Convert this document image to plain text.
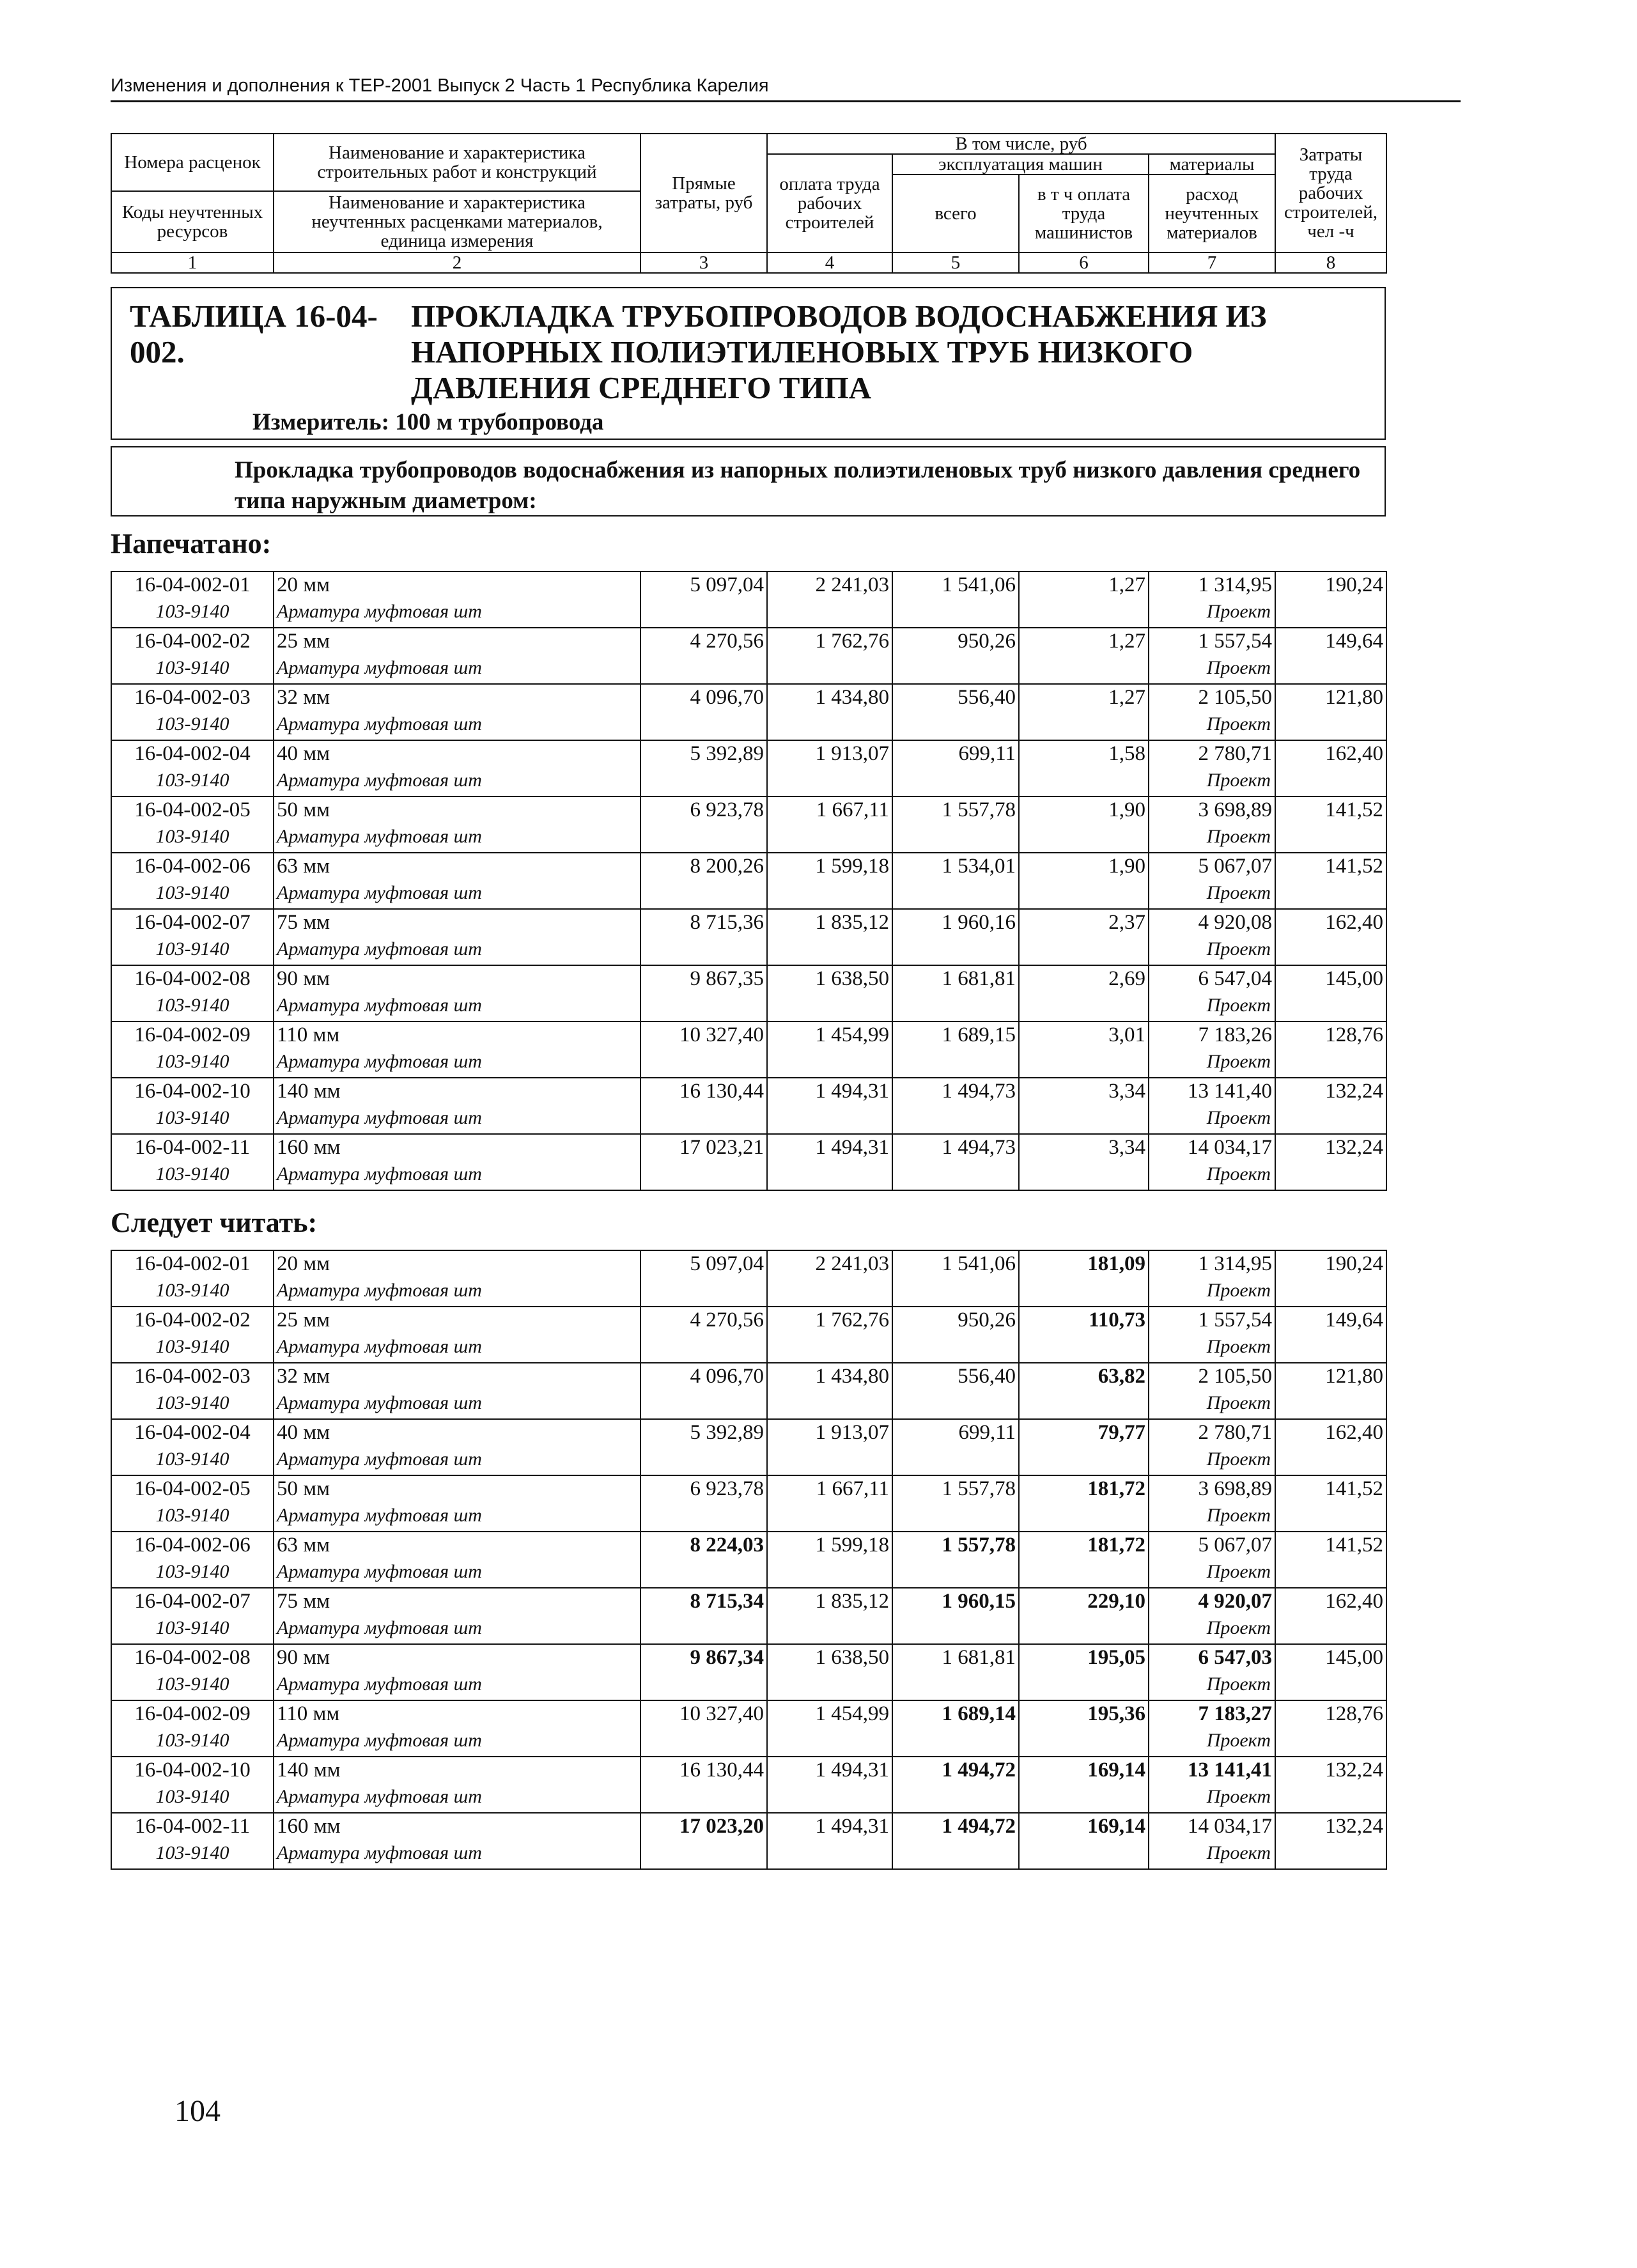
Изменения и дополнения к ТЕР-2001 Выпуск 2 Часть 1 Республика Карелия
Номера расценок	Наименование и характеристика строительных работ и конструкций	Прямые затраты, руб	В том числе, руб				Затраты труда рабочих строителей, чел -ч
			оплата труда рабочих строителей	эксплуатация машин		материалы	
				всего	в т ч оплата труда машинистов	расход неучтенных материалов	
Коды неучтенных ресурсов	Наименование и характеристика неучтенных расценками материалов, единица измерения						

1	2	3	4	5	6	7	8
ТАБЛИЦА 16-04-002.ПРОКЛАДКА ТРУБОПРОВОДОВ ВОДОСНАБЖЕНИЯ ИЗ НАПОРНЫХ ПОЛИЭТИЛЕНОВЫХ ТРУБ НИЗКОГО ДАВЛЕНИЯ СРЕДНЕГО ТИПА
Измеритель: 100 м трубопровода
Прокладка трубопроводов водоснабжения из напорных полиэтиленовых труб низкого давления среднего типа наружным диаметром:
Напечатано:
16-04-002-01	20 мм	5 097,04	2 241,03	1 541,06	1,27	1 314,95	190,24
103-9140	Арматура муфтовая шт					Проект	
16-04-002-02	25 мм	4 270,56	1 762,76	950,26	1,27	1 557,54	149,64
103-9140	Арматура муфтовая шт					Проект	
16-04-002-03	32 мм	4 096,70	1 434,80	556,40	1,27	2 105,50	121,80
103-9140	Арматура муфтовая шт					Проект	
16-04-002-04	40 мм	5 392,89	1 913,07	699,11	1,58	2 780,71	162,40
103-9140	Арматура муфтовая шт					Проект	
16-04-002-05	50 мм	6 923,78	1 667,11	1 557,78	1,90	3 698,89	141,52
103-9140	Арматура муфтовая шт					Проект	
16-04-002-06	63 мм	8 200,26	1 599,18	1 534,01	1,90	5 067,07	141,52
103-9140	Арматура муфтовая шт					Проект	
16-04-002-07	75 мм	8 715,36	1 835,12	1 960,16	2,37	4 920,08	162,40
103-9140	Арматура муфтовая шт					Проект	
16-04-002-08	90 мм	9 867,35	1 638,50	1 681,81	2,69	6 547,04	145,00
103-9140	Арматура муфтовая шт					Проект	
16-04-002-09	110 мм	10 327,40	1 454,99	1 689,15	3,01	7 183,26	128,76
103-9140	Арматура муфтовая шт					Проект	
16-04-002-10	140 мм	16 130,44	1 494,31	1 494,73	3,34	13 141,40	132,24
103-9140	Арматура муфтовая шт					Проект	
16-04-002-11	160 мм	17 023,21	1 494,31	1 494,73	3,34	14 034,17	132,24
103-9140	Арматура муфтовая шт					Проект	
Следует читать:
16-04-002-01	20 мм	5 097,04	2 241,03	1 541,06	181,09	1 314,95	190,24
103-9140	Арматура муфтовая шт					Проект	
16-04-002-02	25 мм	4 270,56	1 762,76	950,26	110,73	1 557,54	149,64
103-9140	Арматура муфтовая шт					Проект	
16-04-002-03	32 мм	4 096,70	1 434,80	556,40	63,82	2 105,50	121,80
103-9140	Арматура муфтовая шт					Проект	
16-04-002-04	40 мм	5 392,89	1 913,07	699,11	79,77	2 780,71	162,40
103-9140	Арматура муфтовая шт					Проект	
16-04-002-05	50 мм	6 923,78	1 667,11	1 557,78	181,72	3 698,89	141,52
103-9140	Арматура муфтовая шт					Проект	
16-04-002-06	63 мм	8 224,03	1 599,18	1 557,78	181,72	5 067,07	141,52
103-9140	Арматура муфтовая шт					Проект	
16-04-002-07	75 мм	8 715,34	1 835,12	1 960,15	229,10	4 920,07	162,40
103-9140	Арматура муфтовая шт					Проект	
16-04-002-08	90 мм	9 867,34	1 638,50	1 681,81	195,05	6 547,03	145,00
103-9140	Арматура муфтовая шт					Проект	
16-04-002-09	110 мм	10 327,40	1 454,99	1 689,14	195,36	7 183,27	128,76
103-9140	Арматура муфтовая шт					Проект	
16-04-002-10	140 мм	16 130,44	1 494,31	1 494,72	169,14	13 141,41	132,24
103-9140	Арматура муфтовая шт					Проект	
16-04-002-11	160 мм	17 023,20	1 494,31	1 494,72	169,14	14 034,17	132,24
103-9140	Арматура муфтовая шт					Проект	
104
